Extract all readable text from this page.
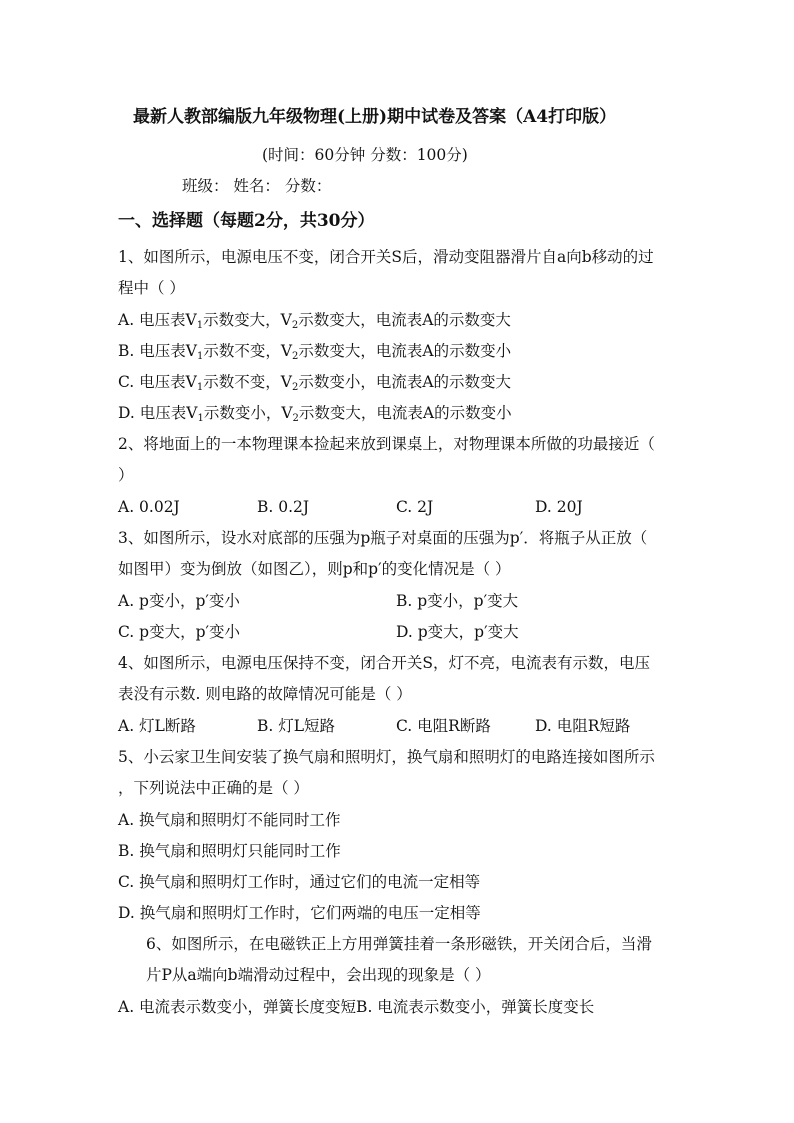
最新人教部编版九年级物理(上册)期中试卷及答案（A4打印版）
(时间：60分钟 分数：100分)
班级： 姓名： 分数：
一、选择题（每题2分，共30分）
1、如图所示，电源电压不变，闭合开关S后，滑动变阻器滑片自a向b移动的过
程中（ ）
A. 电压表$V_1$示数变大，$V_2$示数变大，电流表A的示数变大
B. 电压表$V_1$示数不变，$V_2$示数变大，电流表A的示数变小
C. 电压表$V_1$示数不变，$V_2$示数变小，电流表A的示数变大
D. 电压表$V_1$示数变小，$V_2$示数变大，电流表A的示数变小
2、将地面上的一本物理课本捡起来放到课桌上，对物理课本所做的功最接近（
）
A. 0.02J	B. 0.2J	C. 2J	D. 20J
3、如图所示，设水对底部的压强为p瓶子对桌面的压强为p′．将瓶子从正放（
如图甲）变为倒放（如图乙），则p和p′的变化情况是（ ）
A. p变小，p′变小	B. p变小，p′变大
C. p变大，p′变小	D. p变大，p′变大
4、如图所示，电源电压保持不变，闭合开关S，灯不亮，电流表有示数，电压
表没有示数. 则电路的故障情况可能是（ ）
A. 灯L断路	B. 灯L短路	C. 电阻R断路	D. 电阻R短路
5、小云家卫生间安装了换气扇和照明灯，换气扇和照明灯的电路连接如图所示
，下列说法中正确的是（ ）
A. 换气扇和照明灯不能同时工作
B. 换气扇和照明灯只能同时工作
C. 换气扇和照明灯工作时，通过它们的电流一定相等
D. 换气扇和照明灯工作时，它们两端的电压一定相等
6、如图所示，在电磁铁正上方用弹簧挂着一条形磁铁，开关闭合后，当滑
片P从a端向b端滑动过程中，会出现的现象是（ ）
A. 电流表示数变小，弹簧长度变短B. 电流表示数变小，弹簧长度变长
